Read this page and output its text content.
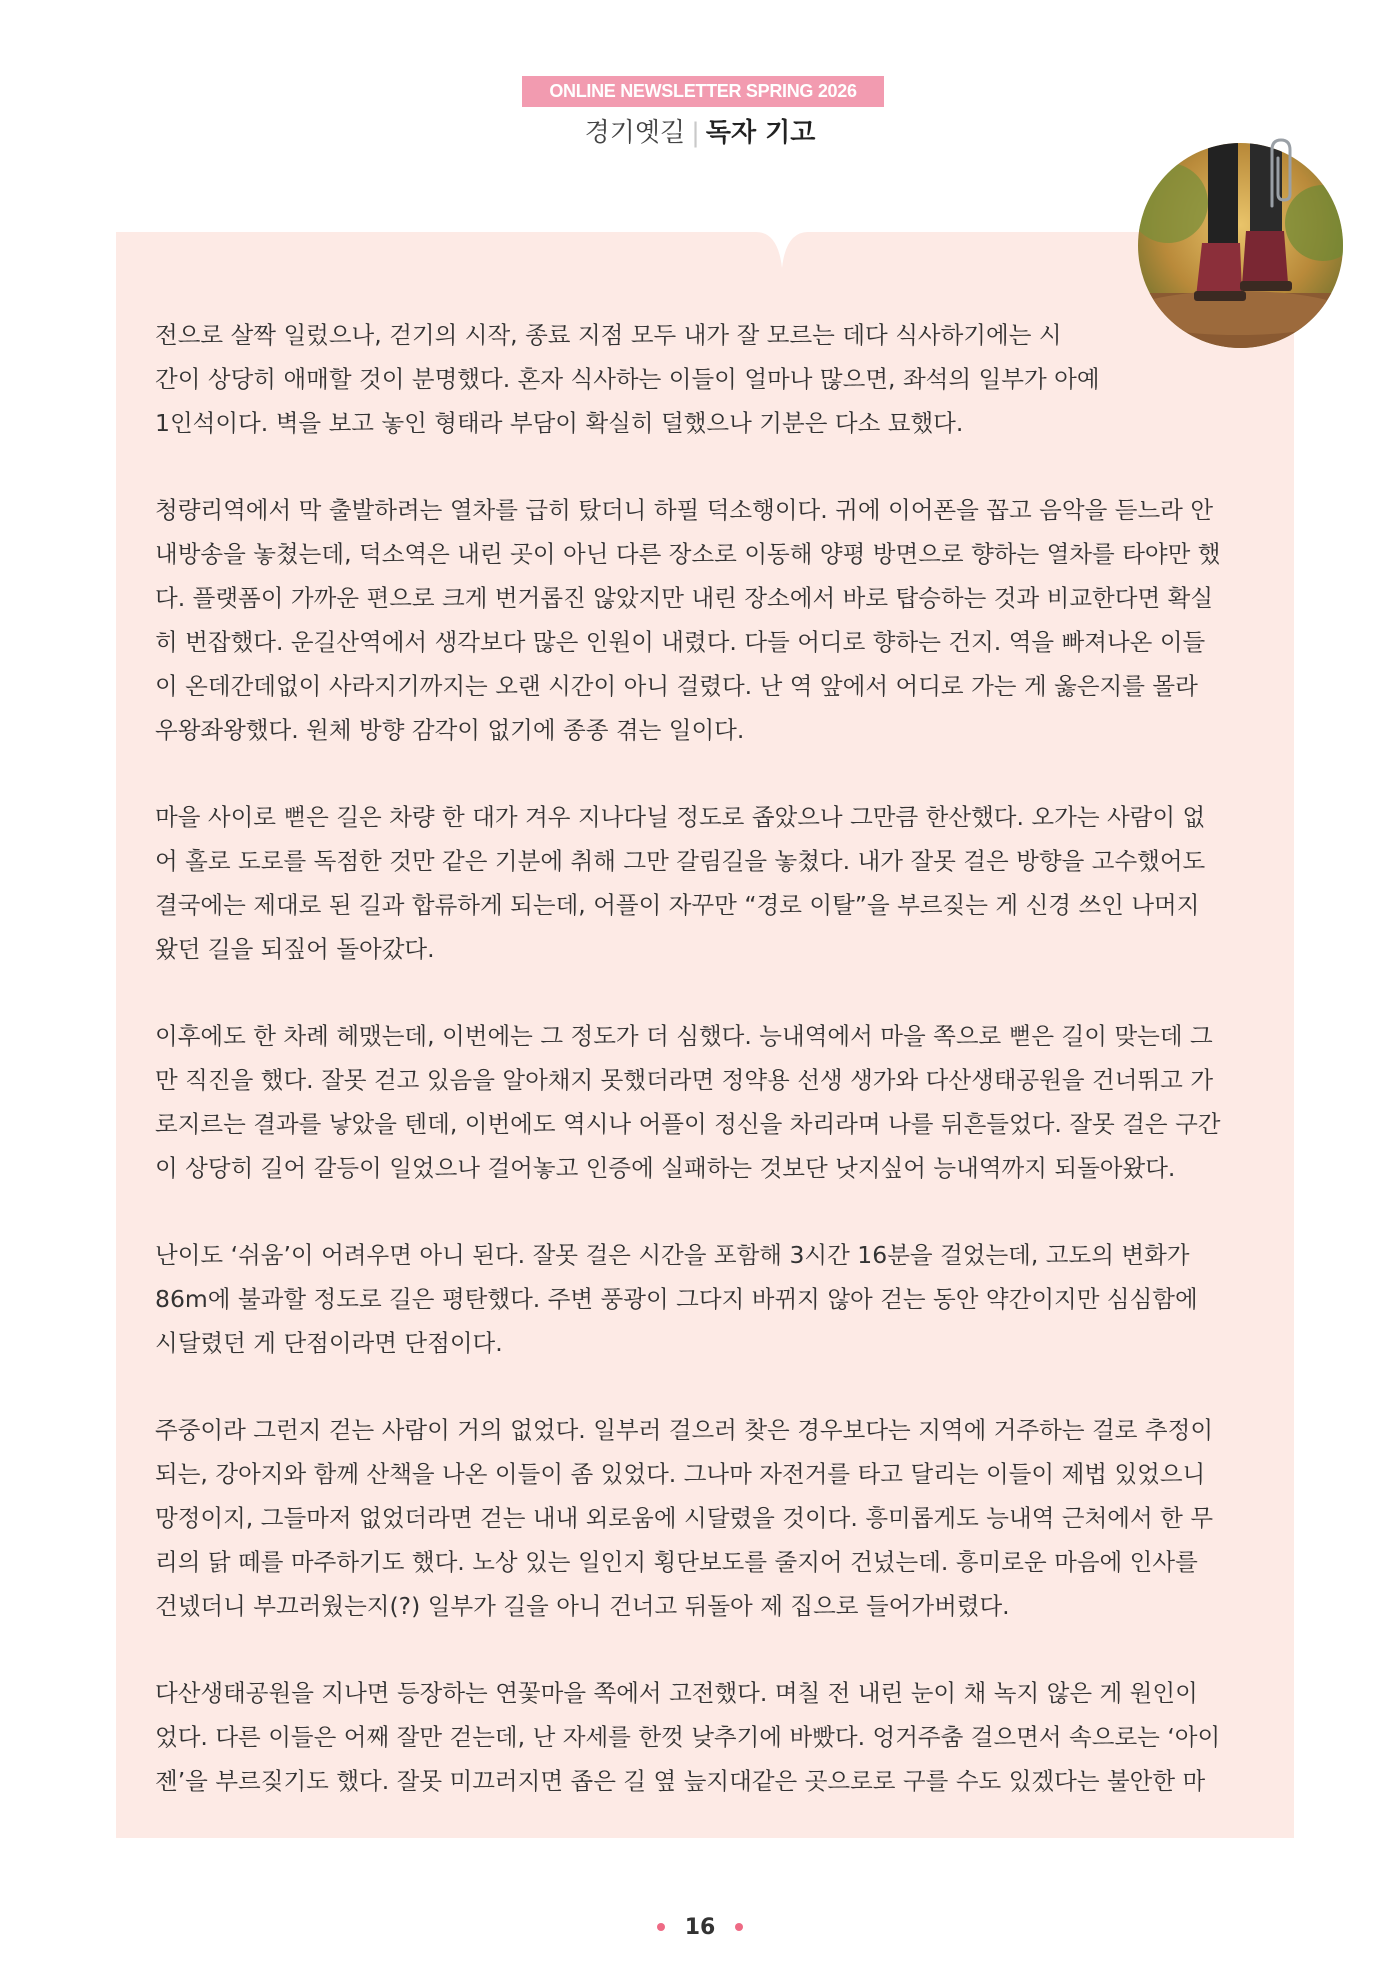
ONLINE NEWSLETTER SPRING 2026
경기옛길 | 독자 기고

전으로 살짝 일렀으나, 걷기의 시작, 종료 지점 모두 내가 잘 모르는 데다 식사하기에는 시
간이 상당히 애매할 것이 분명했다. 혼자 식사하는 이들이 얼마나 많으면, 좌석의 일부가 아예
1인석이다. 벽을 보고 놓인 형태라 부담이 확실히 덜했으나 기분은 다소 묘했다.

청량리역에서 막 출발하려는 열차를 급히 탔더니 하필 덕소행이다. 귀에 이어폰을 꼽고 음악을 듣느라 안
내방송을 놓쳤는데, 덕소역은 내린 곳이 아닌 다른 장소로 이동해 양평 방면으로 향하는 열차를 타야만 했
다. 플랫폼이 가까운 편으로 크게 번거롭진 않았지만 내린 장소에서 바로 탑승하는 것과 비교한다면 확실
히 번잡했다. 운길산역에서 생각보다 많은 인원이 내렸다. 다들 어디로 향하는 건지. 역을 빠져나온 이들
이 온데간데없이 사라지기까지는 오랜 시간이 아니 걸렸다. 난 역 앞에서 어디로 가는 게 옳은지를 몰라
우왕좌왕했다. 원체 방향 감각이 없기에 종종 겪는 일이다.

마을 사이로 뻗은 길은 차량 한 대가 겨우 지나다닐 정도로 좁았으나 그만큼 한산했다. 오가는 사람이 없
어 홀로 도로를 독점한 것만 같은 기분에 취해 그만 갈림길을 놓쳤다. 내가 잘못 걸은 방향을 고수했어도
결국에는 제대로 된 길과 합류하게 되는데, 어플이 자꾸만 “경로 이탈”을 부르짖는 게 신경 쓰인 나머지
왔던 길을 되짚어 돌아갔다.

이후에도 한 차례 헤맸는데, 이번에는 그 정도가 더 심했다. 능내역에서 마을 쪽으로 뻗은 길이 맞는데 그
만 직진을 했다. 잘못 걷고 있음을 알아채지 못했더라면 정약용 선생 생가와 다산생태공원을 건너뛰고 가
로지르는 결과를 낳았을 텐데, 이번에도 역시나 어플이 정신을 차리라며 나를 뒤흔들었다. 잘못 걸은 구간
이 상당히 길어 갈등이 일었으나 걸어놓고 인증에 실패하는 것보단 낫지싶어 능내역까지 되돌아왔다.

난이도 ‘쉬움’이 어려우면 아니 된다. 잘못 걸은 시간을 포함해 3시간 16분을 걸었는데, 고도의 변화가
86m에 불과할 정도로 길은 평탄했다. 주변 풍광이 그다지 바뀌지 않아 걷는 동안 약간이지만 심심함에
시달렸던 게 단점이라면 단점이다.

주중이라 그런지 걷는 사람이 거의 없었다. 일부러 걸으러 찾은 경우보다는 지역에 거주하는 걸로 추정이
되는, 강아지와 함께 산책을 나온 이들이 좀 있었다. 그나마 자전거를 타고 달리는 이들이 제법 있었으니
망정이지, 그들마저 없었더라면 걷는 내내 외로움에 시달렸을 것이다. 흥미롭게도 능내역 근처에서 한 무
리의 닭 떼를 마주하기도 했다. 노상 있는 일인지 횡단보도를 줄지어 건넜는데. 흥미로운 마음에 인사를
건넸더니 부끄러웠는지(?) 일부가 길을 아니 건너고 뒤돌아 제 집으로 들어가버렸다.

다산생태공원을 지나면 등장하는 연꽃마을 쪽에서 고전했다. 며칠 전 내린 눈이 채 녹지 않은 게 원인이
었다. 다른 이들은 어째 잘만 걷는데, 난 자세를 한껏 낮추기에 바빴다. 엉거주춤 걸으면서 속으로는 ‘아이
젠’을 부르짖기도 했다. 잘못 미끄러지면 좁은 길 옆 늪지대같은 곳으로로 구를 수도 있겠다는 불안한 마

16
